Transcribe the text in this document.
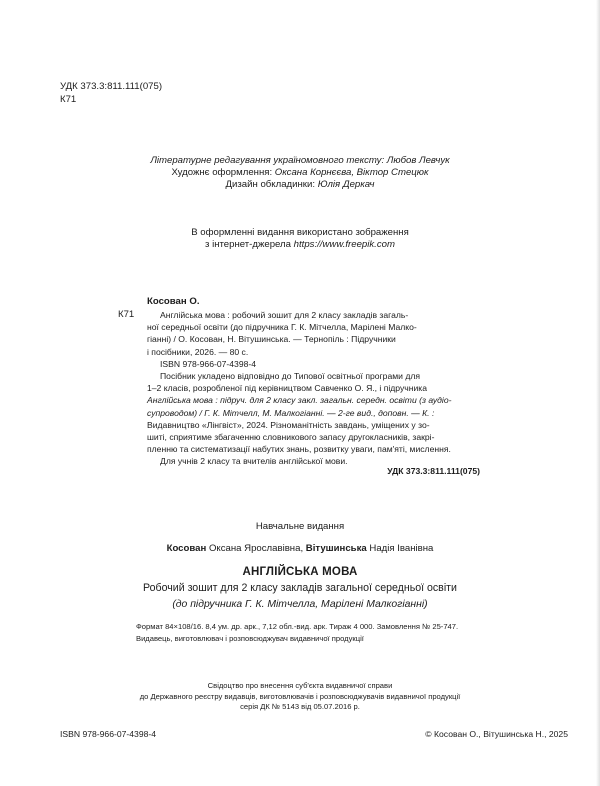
УДК 373.3:811.111(075)
К71
Літературне редагування україномовного тексту: Любов Левчук
Художнє оформлення: Оксана Корнєєва, Віктор Стецюк
Дизайн обкладинки: Юлія Деркач
В оформленні видання використано зображення
з інтернет-джерела https://www.freepik.com
Косован О.
К71	Англійська мова : робочий зошит для 2 класу закладів загаль-
ної середньої освіти (до підручника Г. К. Мітчелла, Марілені Малко-
гіанні) / О. Косован, Н. Вітушинська. — Тернопіль : Підручники
і посібники, 2026. — 80 с.
ISBN 978-966-07-4398-4
Посібник укладено відповідно до Типової освітньої програми для
1–2 класів, розробленої під керівництвом Савченко О. Я., і підручника
Англійська мова : підруч. для 2 класу закл. загальн. середн. освіти (з аудіо-
супроводом) / Г. К. Мітчелл, М. Малкогіанні. — 2-ге вид., доповн. — К. :
Видавництво «Лінгвіст», 2024. Різноманітність завдань, уміщених у зо-
шиті, сприятиме збагаченню словникового запасу другокласників, закрі-
пленню та систематизації набутих знань, розвитку уваги, пам'яті, мислення.
Для учнів 2 класу та вчителів англійської мови.
УДК 373.3:811.111(075)
Навчальне видання
Косован Оксана Ярославівна, Вітушинська Надія Іванівна
АНГЛІЙСЬКА МОВА
Робочий зошит для 2 класу закладів загальної середньої освіти
(до підручника Г. К. Мітчелла, Марілені Малкогіанні)
Формат 84×108/16. 8,4 ум. др. арк., 7,12 обл.-вид. арк. Тираж 4 000. Замовлення № 25-747.
Видавець, виготовлювач і розповсюджувач видавничої продукції
Свідоцтво про внесення суб'єкта видавничої справи
до Державного реєстру видавців, виготовлювачів і розповсюджувачів видавничої продукції
серія ДК № 5143 від 05.07.2016 р.
ISBN 978-966-07-4398-4	© Косован О., Вітушинська Н., 2025
